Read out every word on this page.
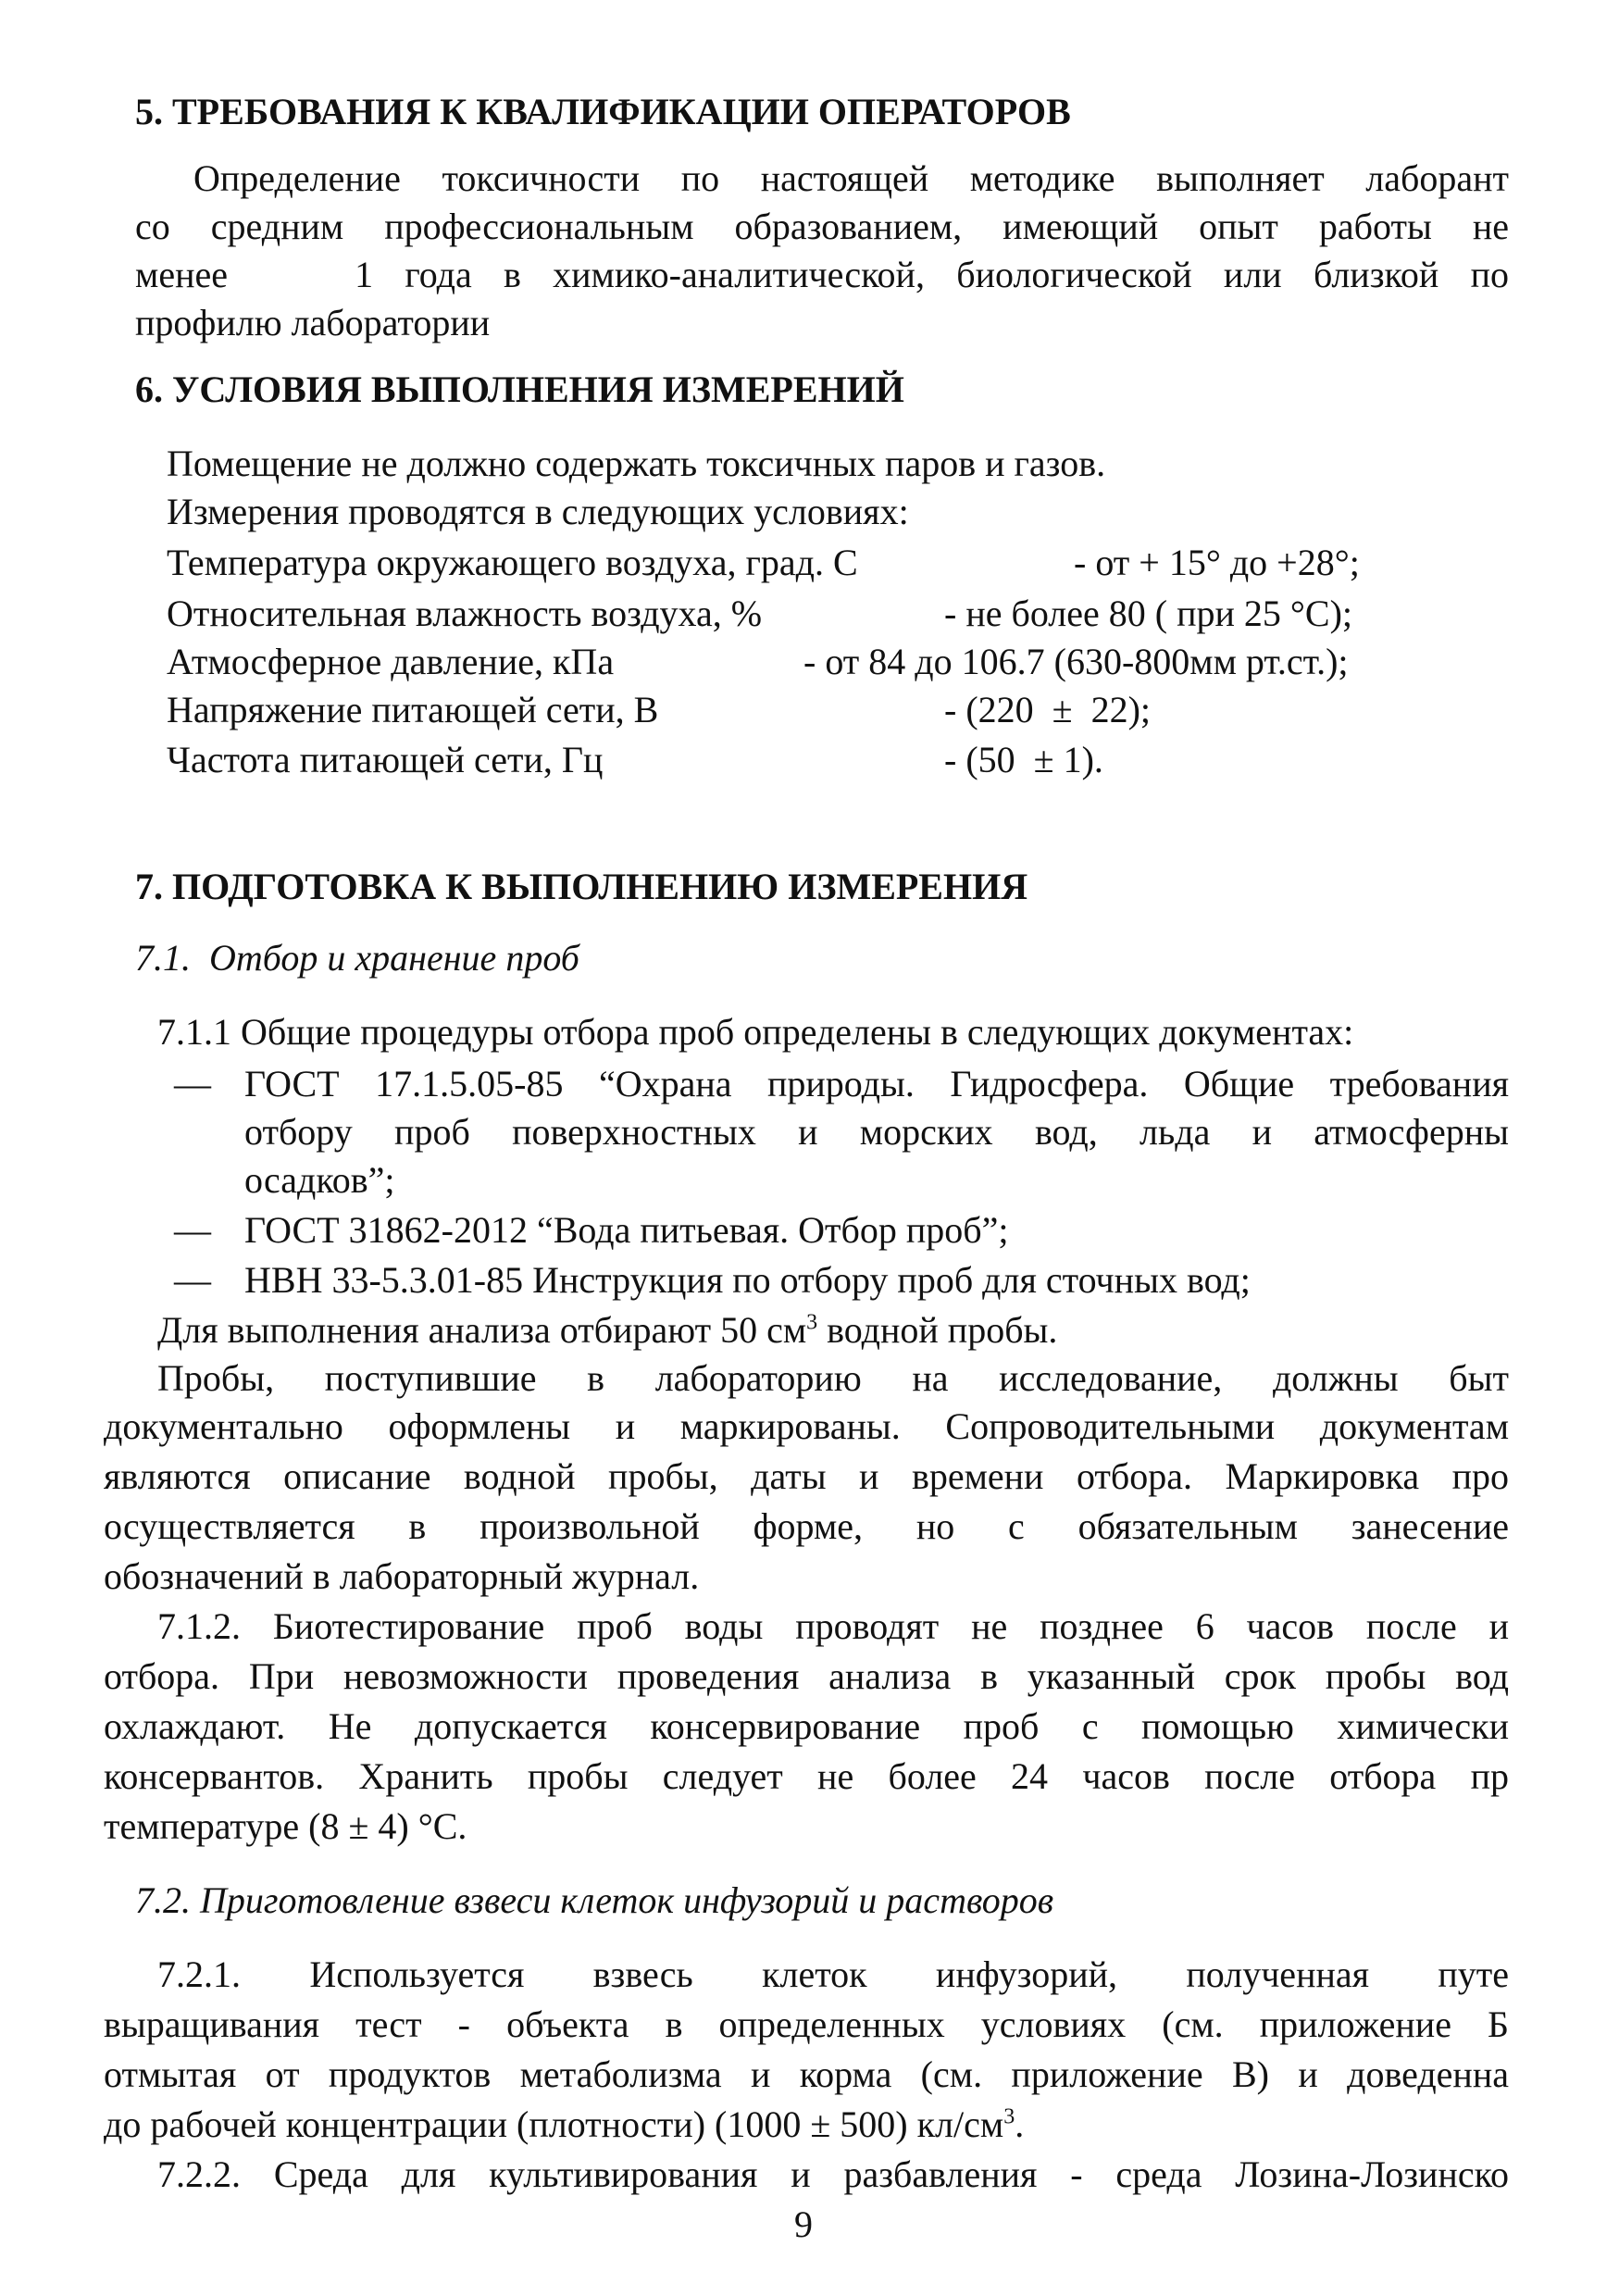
5. ТРЕБОВАНИЯ К КВАЛИФИКАЦИИ ОПЕРАТОРОВ
Определение токсичности по настоящей методике выполняет лаборант
со средним профессиональным образованием, имеющий опыт работы не
менее    1 года в химико-аналитической, биологической или близкой по
профилю лаборатории
6. УСЛОВИЯ ВЫПОЛНЕНИЯ ИЗМЕРЕНИЙ
Помещение не должно содержать токсичных паров и газов.
Измерения проводятся в следующих условиях:
Температура окружающего воздуха, град. С	- от + 15° до +28°;
Относительная влажность воздуха, %	- не более 80 ( при 25 °С);
Атмосферное давление, кПа	- от 84 до 106.7 (630-800мм рт.ст.);
Напряжение питающей сети, В	- (220  ±  22);
Частота питающей сети, Гц	- (50  ± 1).
7. ПОДГОТОВКА К ВЫПОЛНЕНИЮ ИЗМЕРЕНИЯ
7.1.  Отбор и хранение проб
7.1.1 Общие процедуры отбора проб определены в следующих документах:
— ГОСТ 17.1.5.05-85 “Охрана природы. Гидросфера. Общие требования
отбору проб поверхностных и морских вод, льда и атмосферны
осадков”;
— ГОСТ 31862-2012 “Вода питьевая. Отбор проб”;
— НВН 33-5.3.01-85 Инструкция по отбору проб для сточных вод;
Для выполнения анализа отбирают 50 $см^3$ водной пробы.
Пробы, поступившие в лабораторию на исследование, должны быт
документально оформлены и маркированы. Сопроводительными документам
являются описание водной пробы, даты и времени отбора. Маркировка про
осуществляется в произвольной форме, но с обязательным занесение
обозначений в лабораторный журнал.
7.1.2. Биотестирование проб воды проводят не позднее 6 часов после и
отбора. При невозможности проведения анализа в указанный срок пробы вод
охлаждают. Не допускается консервирование проб с помощью химически
консервантов. Хранить пробы следует не более 24 часов после отбора пр
температуре (8 ± 4) °С.
7.2. Приготовление взвеси клеток инфузорий и растворов
7.2.1. Используется взвесь клеток инфузорий, полученная путе
выращивания тест - объекта в определенных условиях (см. приложение Б
отмытая от продуктов метаболизма и корма (см. приложение В) и доведенна
до рабочей концентрации (плотности) (1000 ± 500) $кл/см^3$.
7.2.2. Среда для культивирования и разбавления - среда Лозина-Лозинско
9
